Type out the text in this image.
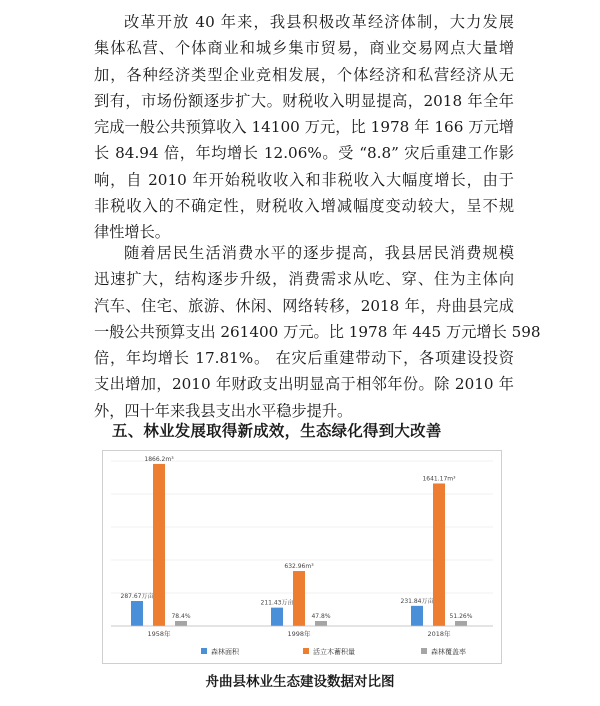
改革开放 40 年来，我县积极改革经济体制，大力发展
集体私营、个体商业和城乡集市贸易，商业交易网点大量增
加，各种经济类型企业竞相发展，个体经济和私营经济从无
到有，市场份额逐步扩大。财税收入明显提高，2018 年全年
完成一般公共预算收入 14100 万元，比 1978 年 166 万元增
长 84.94 倍，年均增长 12.06%。受 “8.8” 灾后重建工作影
响，自 2010 年开始税收收入和非税收入大幅度增长，由于
非税收入的不确定性，财税收入增减幅度变动较大，呈不规
律性增长。
随着居民生活消费水平的逐步提高，我县居民消费规模
迅速扩大，结构逐步升级，消费需求从吃、穿、住为主体向
汽车、住宅、旅游、休闲、网络转移，2018 年，舟曲县完成
一般公共预算支出 261400 万元。比 1978 年 445 万元增长 598
倍，年均增长 17.81%。 在灾后重建带动下，各项建设投资
支出增加，2010 年财政支出明显高于相邻年份。除 2010 年
外，四十年来我县支出水平稳步提升。
五、林业发展取得新成效，生态绿化得到大改善
287.67万亩
1866.2m³
78.4%
1958年
211.43万亩
632.96m³
47.8%
1998年
231.84万亩
1641.17m³
51.26%
2018年
森林面积	活立木蓄积量	森林覆盖率

舟曲县林业生态建设数据对比图
